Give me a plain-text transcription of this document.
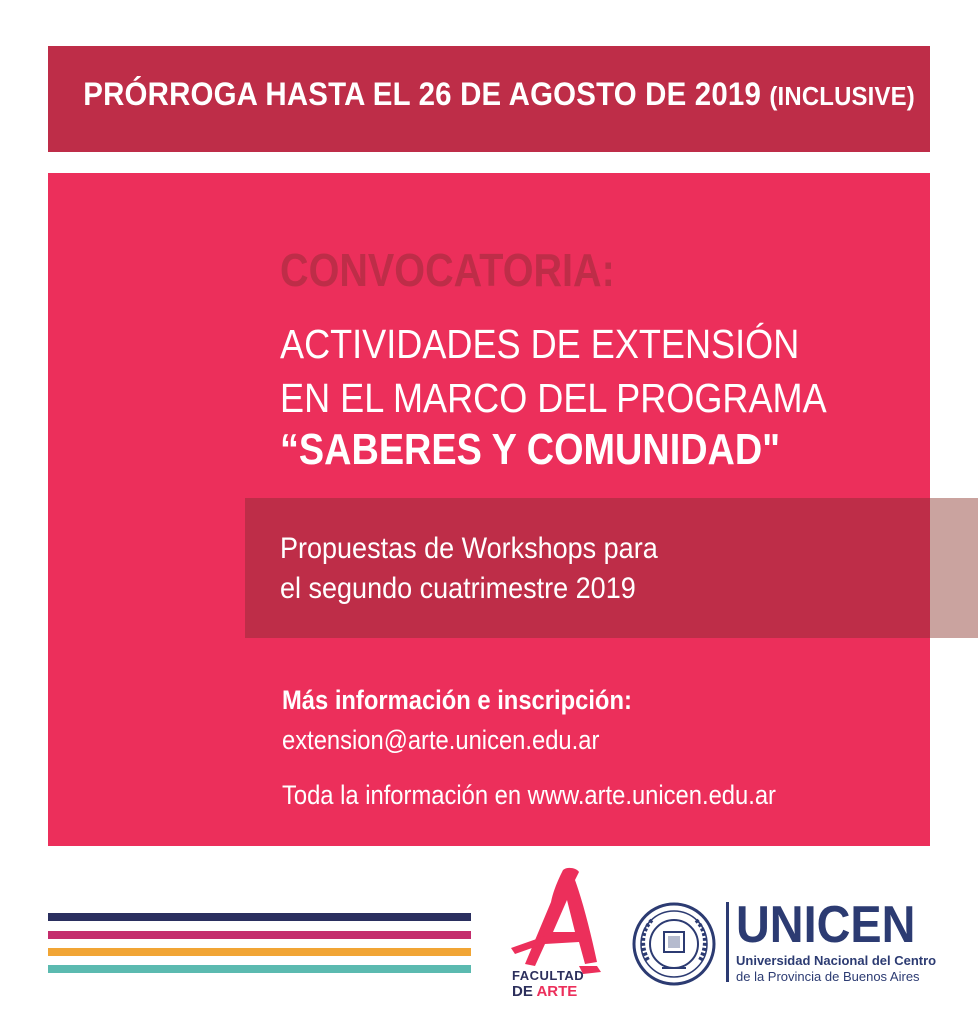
PRÓRROGA HASTA EL 26 DE AGOSTO DE 2019 (INCLUSIVE)
CONVOCATORIA:
ACTIVIDADES DE EXTENSIÓN
EN EL MARCO DEL PROGRAMA
“SABERES Y COMUNIDAD"
Propuestas de Workshops para
el segundo cuatrimestre 2019
Más información e inscripción:
extension@arte.unicen.edu.ar
Toda la información en www.arte.unicen.edu.ar
FACULTAD
DE ARTE
UNICEN
Universidad Nacional del Centro
de la Provincia de Buenos Aires
